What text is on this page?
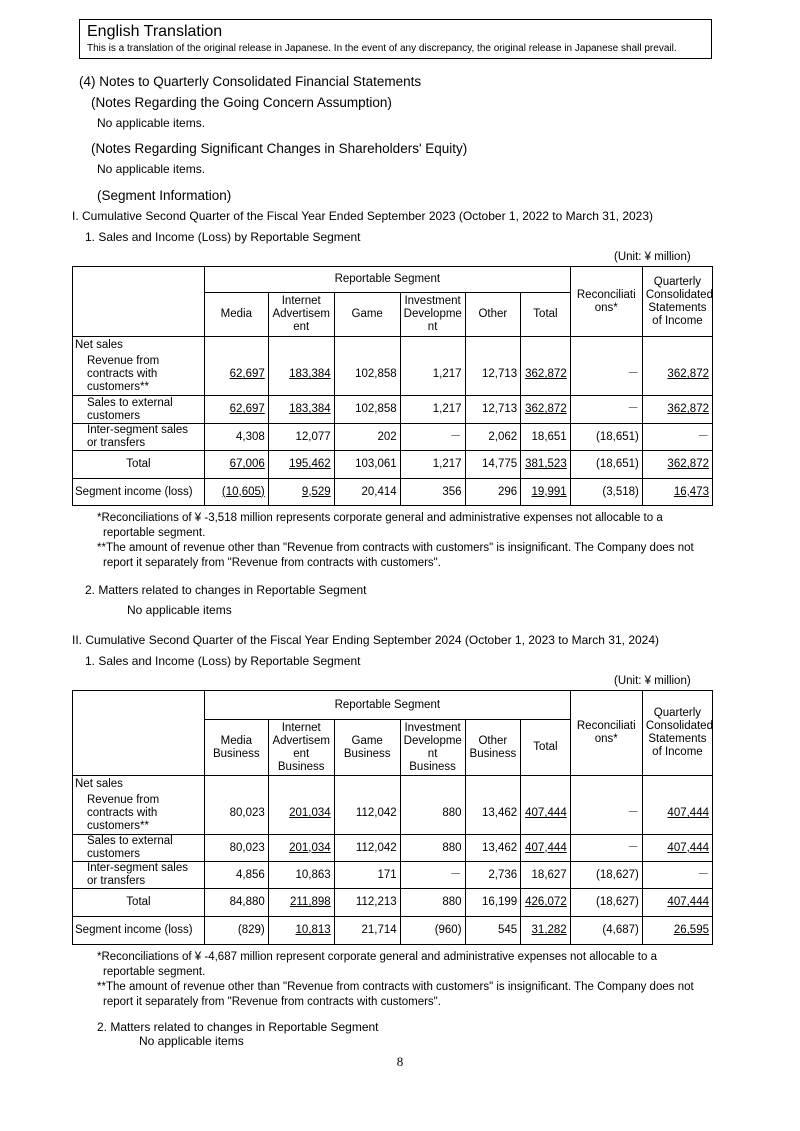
English Translation
This is a translation of the original release in Japanese. In the event of any discrepancy, the original release in Japanese shall prevail.
(4) Notes to Quarterly Consolidated Financial Statements
(Notes Regarding the Going Concern Assumption)
No applicable items.
(Notes Regarding Significant Changes in Shareholders' Equity)
No applicable items.
(Segment Information)
I. Cumulative Second Quarter of the Fiscal Year Ended September 2023 (October 1, 2022 to March 31, 2023)
1. Sales and Income (Loss) by Reportable Segment
(Unit: ¥ million)
	Reportable Segment						Reconciliati ons*	Quarterly Consolidated Statements of Income
	Media	Internet Advertisem ent	Game	Investment Developme nt	Other	Total		
Net sales								
Revenue from contracts with customers**	62,697	183,384	102,858	1,217	12,713	362,872	－	362,872
Sales to external customers	62,697	183,384	102,858	1,217	12,713	362,872	－	362,872
Inter-segment sales or transfers	4,308	12,077	202	－	2,062	18,651	(18,651)	－
Total	67,006	195,462	103,061	1,217	14,775	381,523	(18,651)	362,872
Segment income (loss)	(10,605)	9,529	20,414	356	296	19,991	(3,518)	16,473
*Reconciliations of ¥ -3,518 million represents corporate general and administrative expenses not allocable to a
reportable segment.
**The amount of revenue other than "Revenue from contracts with customers" is insignificant. The Company does not
report it separately from "Revenue from contracts with customers".
2. Matters related to changes in Reportable Segment
No applicable items
II. Cumulative Second Quarter of the Fiscal Year Ending September 2024 (October 1, 2023 to March 31, 2024)
1. Sales and Income (Loss) by Reportable Segment
(Unit: ¥ million)
	Reportable Segment						Reconciliati ons*	Quarterly Consolidated Statements of Income
	Media Business	Internet Advertisem ent Business	Game Business	Investment Developme nt Business	Other Business	Total		
Net sales								
Revenue from contracts with customers**	80,023	201,034	112,042	880	13,462	407,444	－	407,444
Sales to external customers	80,023	201,034	112,042	880	13,462	407,444	－	407,444
Inter-segment sales or transfers	4,856	10,863	171	－	2,736	18,627	(18,627)	－
Total	84,880	211,898	112,213	880	16,199	426,072	(18,627)	407,444
Segment income (loss)	(829)	10,813	21,714	(960)	545	31,282	(4,687)	26,595
*Reconciliations of ¥ -4,687 million represent corporate general and administrative expenses not allocable to a
reportable segment.
**The amount of revenue other than "Revenue from contracts with customers" is insignificant. The Company does not
report it separately from "Revenue from contracts with customers".
2. Matters related to changes in Reportable Segment
No applicable items
8
